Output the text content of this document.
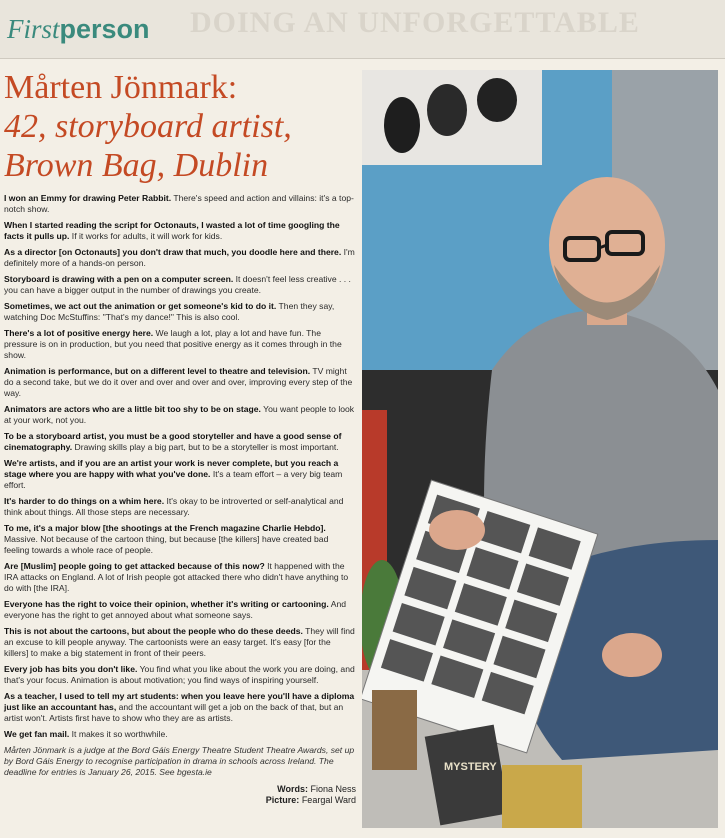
DOING AN UNFORGETTABLE
Firstperson
Mårten Jönmark:
42, storyboard artist,
Brown Bag, Dublin

I won an Emmy for drawing Peter Rabbit. There's speed and action and villains: it's a top-notch show.

When I started reading the script for Octonauts, I wasted a lot of time googling the facts it pulls up. If it works for adults, it will work for kids.

As a director [on Octonauts] you don't draw that much, you doodle here and there. I'm definitely more of a hands-on person.

Storyboard is drawing with a pen on a computer screen. It doesn't feel less creative . . . you can have a bigger output in the number of drawings you create.

Sometimes, we act out the animation or get someone's kid to do it. Then they say, watching Doc McStuffins: "That's my dance!" This is also cool.

There's a lot of positive energy here. We laugh a lot, play a lot and have fun. The pressure is on in production, but you need that positive energy as it comes through in the show.

Animation is performance, but on a different level to theatre and television. TV might do a second take, but we do it over and over and over and over, improving every step of the way.

Animators are actors who are a little bit too shy to be on stage. You want people to look at your work, not you.

To be a storyboard artist, you must be a good storyteller and have a good sense of cinematography. Drawing skills play a big part, but to be a storyteller is most important.

We're artists, and if you are an artist your work is never complete, but you reach a stage where you are happy with what you've done. It's a team effort – a very big team effort.

It's harder to do things on a whim here. It's okay to be introverted or self-analytical and think about things. All those steps are necessary.

To me, it's a major blow [the shootings at the French magazine Charlie Hebdo]. Massive. Not because of the cartoon thing, but because [the killers] have created bad feeling towards a whole race of people.

Are [Muslim] people going to get attacked because of this now? It happened with the IRA attacks on England. A lot of Irish people got attacked there who didn't have anything to do with [the IRA].

Everyone has the right to voice their opinion, whether it's writing or cartooning. And everyone has the right to get annoyed about what someone says.

This is not about the cartoons, but about the people who do these deeds. They will find an excuse to kill people anyway. The cartoonists were an easy target. It's easy [for the killers] to make a big statement in front of their peers.

Every job has bits you don't like. You find what you like about the work you are doing, and that's your focus. Animation is about motivation; you find ways of inspiring yourself.

As a teacher, I used to tell my art students: when you leave here you'll have a diploma just like an accountant has, and the accountant will get a job on the back of that, but an artist won't. Artists first have to show who they are as artists.

We get fan mail. It makes it so worthwhile.

Mårten Jönmark is a judge at the Bord Gáis Energy Theatre Student Theatre Awards, set up by Bord Gáis Energy to recognise participation in drama in schools across Ireland. The deadline for entries is January 26, 2015. See bgesta.ie

Words: Fiona Ness
Picture: Feargal Ward
MYSTERY
